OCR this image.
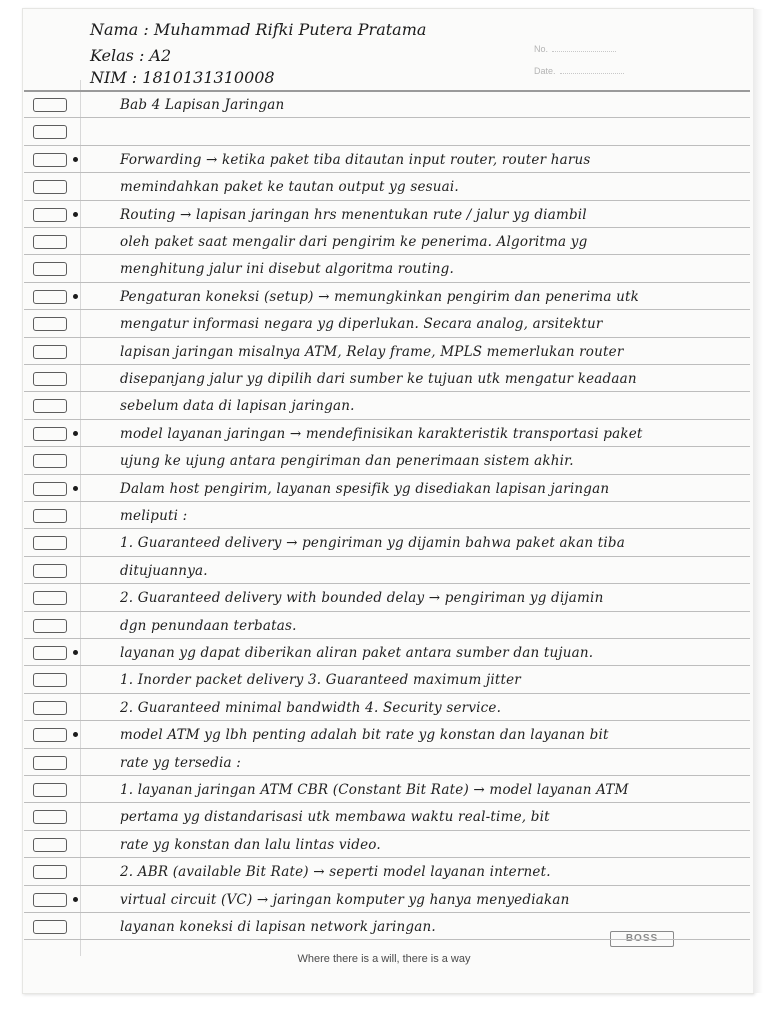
Nama : Muhammad Rifki Putera Pratama
Kelas : A2
NIM : 1810131310008
No.
Date.
Where there is a will, there is a way
BOSS
Bab 4 Lapisan Jaringan
Forwarding → ketika paket tiba ditautan input router, router harus
memindahkan paket ke tautan output yg sesuai.
Routing → lapisan jaringan hrs menentukan rute / jalur yg diambil
oleh paket saat mengalir dari pengirim ke penerima. Algoritma yg
menghitung jalur ini disebut algoritma routing.
Pengaturan koneksi (setup) → memungkinkan pengirim dan penerima utk
mengatur informasi negara yg diperlukan. Secara analog, arsitektur
lapisan jaringan misalnya ATM, Relay frame, MPLS memerlukan router
disepanjang jalur yg dipilih dari sumber ke tujuan utk mengatur keadaan
sebelum data di lapisan jaringan.
model layanan jaringan → mendefinisikan karakteristik transportasi paket
ujung ke ujung antara pengiriman dan penerimaan sistem akhir.
Dalam host pengirim, layanan spesifik yg disediakan lapisan jaringan
meliputi :
1. Guaranteed delivery → pengiriman yg dijamin bahwa paket akan tiba
ditujuannya.
2. Guaranteed delivery with bounded delay → pengiriman yg dijamin
dgn penundaan terbatas.
layanan yg dapat diberikan aliran paket antara sumber dan tujuan.
1. Inorder packet delivery 3. Guaranteed maximum jitter
2. Guaranteed minimal bandwidth 4. Security service.
model ATM yg lbh penting adalah bit rate yg konstan dan layanan bit
rate yg tersedia :
1. layanan jaringan ATM CBR (Constant Bit Rate) → model layanan ATM
pertama yg distandarisasi utk membawa waktu real-time, bit
rate yg konstan dan lalu lintas video.
2. ABR (available Bit Rate) → seperti model layanan internet.
virtual circuit (VC) → jaringan komputer yg hanya menyediakan
layanan koneksi di lapisan network jaringan.
